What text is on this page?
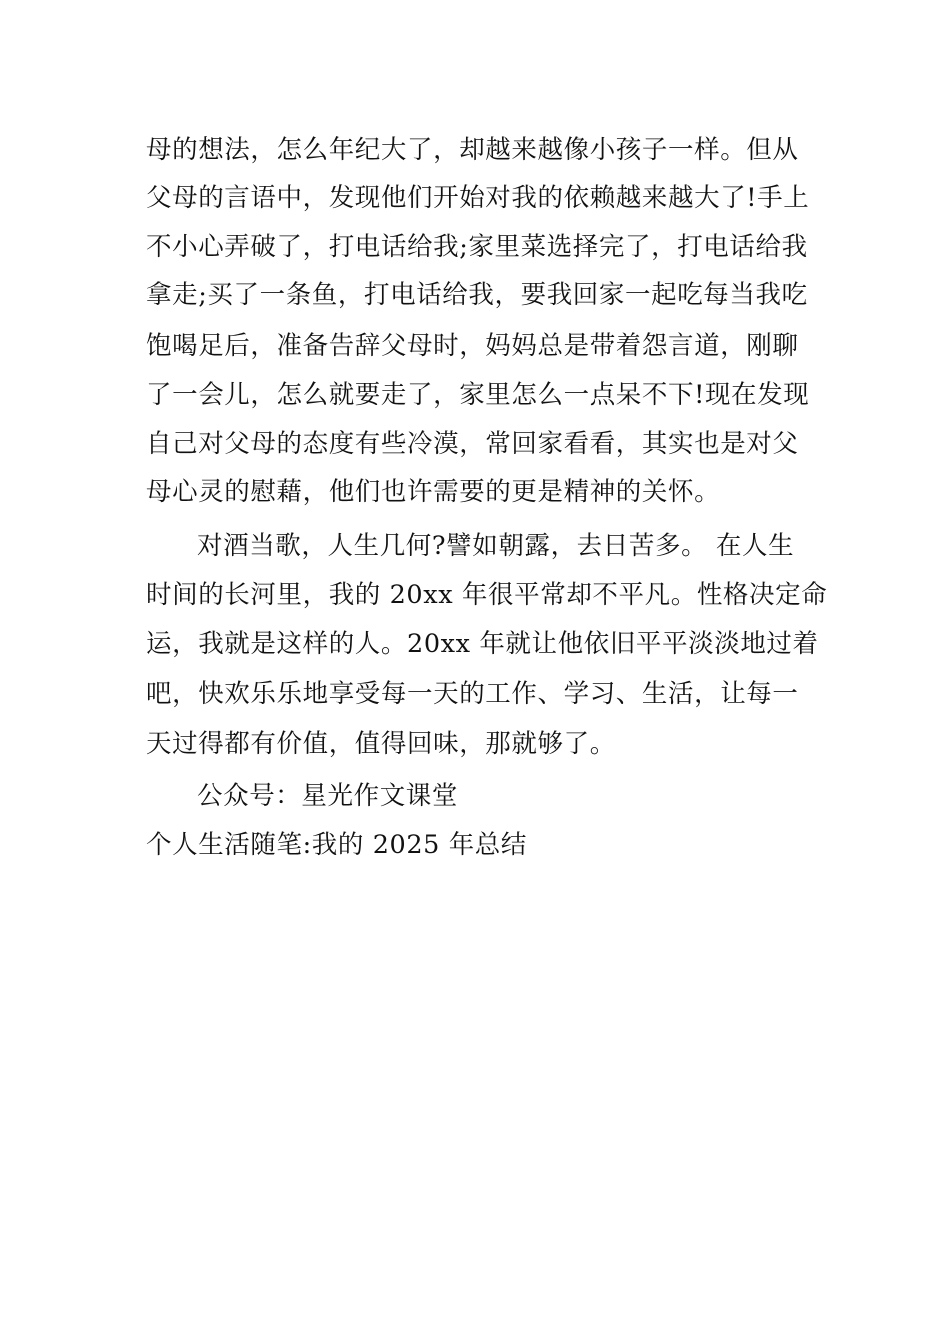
母的想法，怎么年纪大了，却越来越像小孩子一样。但从
父母的言语中，发现他们开始对我的依赖越来越大了!手上
不小心弄破了，打电话给我;家里菜选择完了，打电话给我
拿走;买了一条鱼，打电话给我，要我回家一起吃每当我吃
饱喝足后，准备告辞父母时，妈妈总是带着怨言道，刚聊
了一会儿，怎么就要走了，家里怎么一点呆不下!现在发现
自己对父母的态度有些冷漠，常回家看看，其实也是对父
母心灵的慰藉，他们也许需要的更是精神的关怀。
对酒当歌，人生几何?譬如朝露，去日苦多。 在人生
时间的长河里，我的 20xx 年很平常却不平凡。性格决定命
运，我就是这样的人。20xx 年就让他依旧平平淡淡地过着
吧，快欢乐乐地享受每一天的工作、学习、生活，让每一
天过得都有价值，值得回味，那就够了。
公众号：星光作文课堂
个人生活随笔:我的 2025 年总结
